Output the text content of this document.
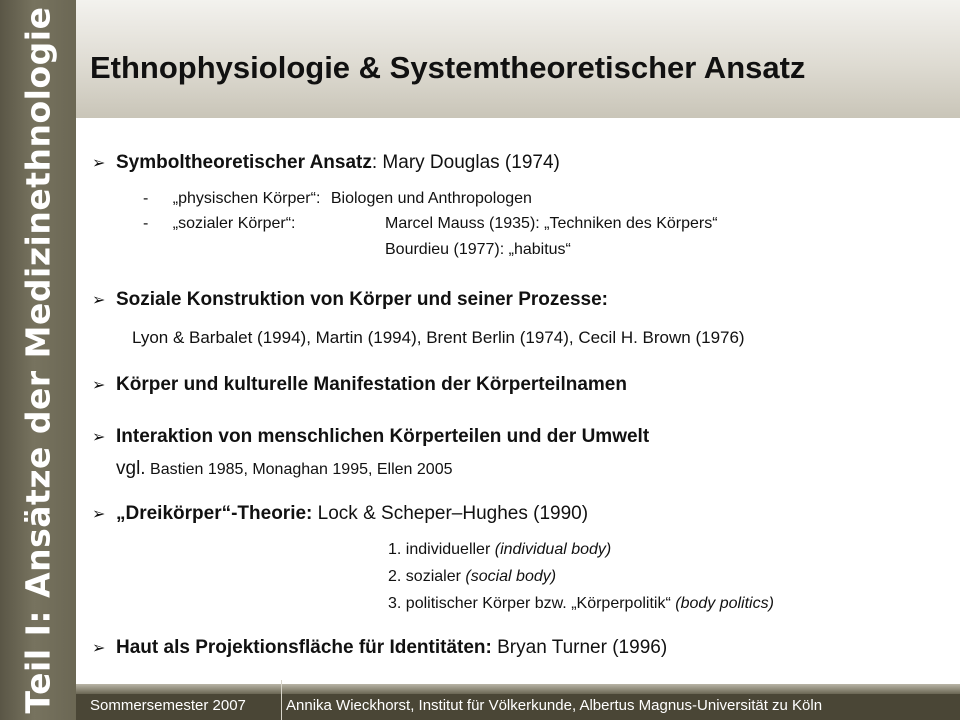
Teil I: Ansätze der Medizinethnologie Ethnophysiologie & Systemtheoretischer Ansatz
➢ Symboltheoretischer Ansatz: Mary Douglas (1974)
- „physischen Körper“: Biologen und Anthropologen
- „sozialer Körper“:	Marcel Mauss (1935): „Techniken des Körpers“
Bourdieu (1977): „habitus“
➢ Soziale Konstruktion von Körper und seiner Prozesse:
Lyon & Barbalet (1994), Martin (1994), Brent Berlin (1974), Cecil H. Brown (1976)
➢ Körper und kulturelle Manifestation der Körperteilnamen
➢ Interaktion von menschlichen Körperteilen und der Umwelt
vgl. Bastien 1985, Monaghan 1995, Ellen 2005
➢ „Dreikörper“-Theorie: Lock & Scheper–Hughes (1990)
1. individueller (individual body)
2. sozialer (social body)
3. politischer Körper bzw. „Körperpolitik“ (body politics)
➢ Haut als Projektionsfläche für Identitäten: Bryan Turner (1996)
Sommersemester 2007	Annika Wieckhorst, Institut für Völkerkunde, Albertus Magnus-Universität zu Köln
